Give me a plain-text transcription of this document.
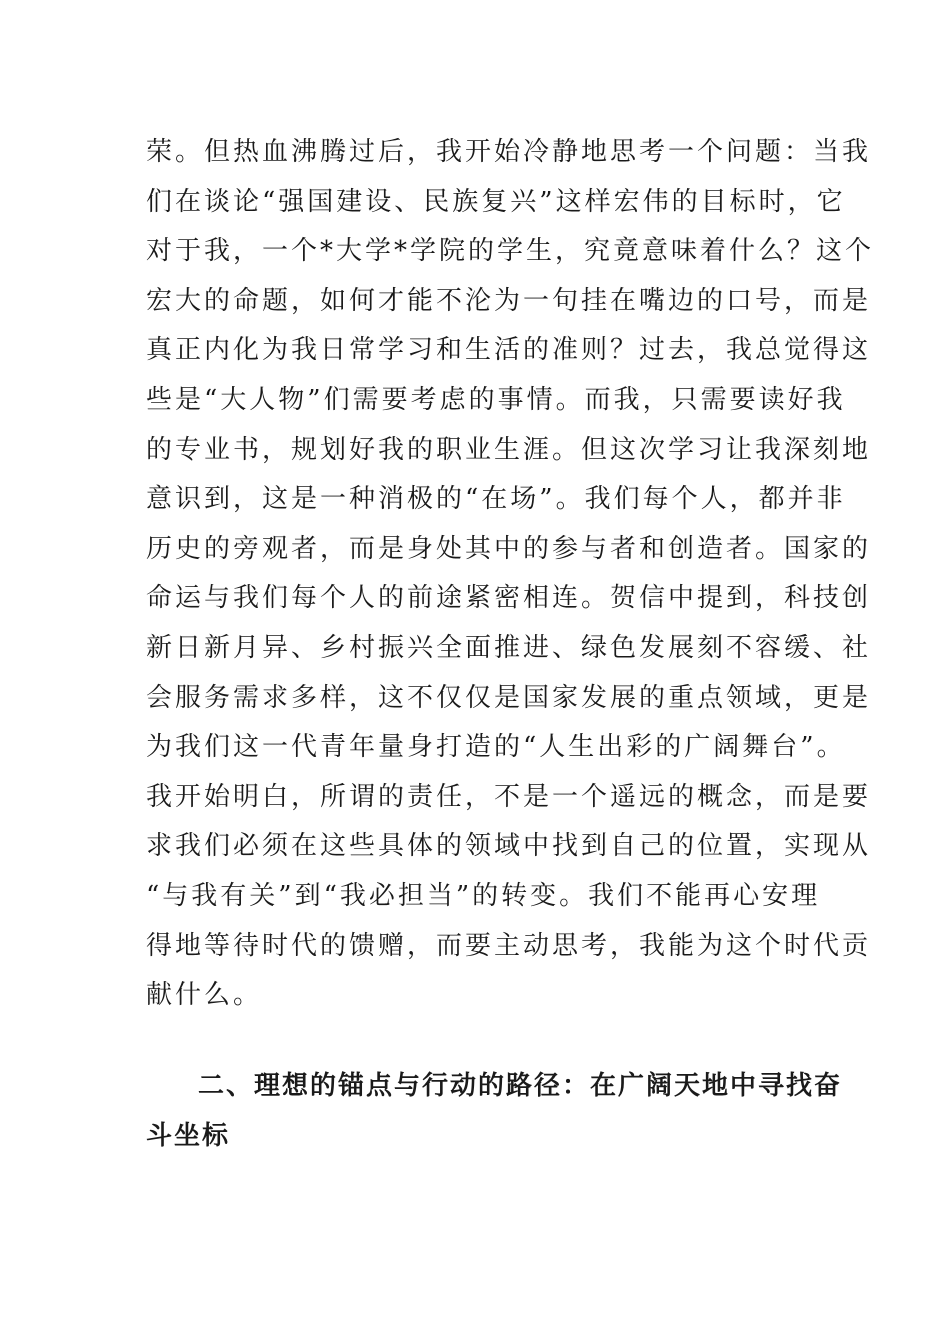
荣。但热血沸腾过后，我开始冷静地思考一个问题：当我
们在谈论“强国建设、民族复兴”这样宏伟的目标时，它
对于我，一个*大学*学院的学生，究竟意味着什么？这个
宏大的命题，如何才能不沦为一句挂在嘴边的口号，而是
真正内化为我日常学习和生活的准则？过去，我总觉得这
些是“大人物”们需要考虑的事情。而我，只需要读好我
的专业书，规划好我的职业生涯。但这次学习让我深刻地
意识到，这是一种消极的“在场”。我们每个人，都并非
历史的旁观者，而是身处其中的参与者和创造者。国家的
命运与我们每个人的前途紧密相连。贺信中提到，科技创
新日新月异、乡村振兴全面推进、绿色发展刻不容缓、社
会服务需求多样，这不仅仅是国家发展的重点领域，更是
为我们这一代青年量身打造的“人生出彩的广阔舞台”。
我开始明白，所谓的责任，不是一个遥远的概念，而是要
求我们必须在这些具体的领域中找到自己的位置，实现从
“与我有关”到“我必担当”的转变。我们不能再心安理
得地等待时代的馈赠，而要主动思考，我能为这个时代贡
献什么。
二、理想的锚点与行动的路径：在广阔天地中寻找奋
斗坐标
